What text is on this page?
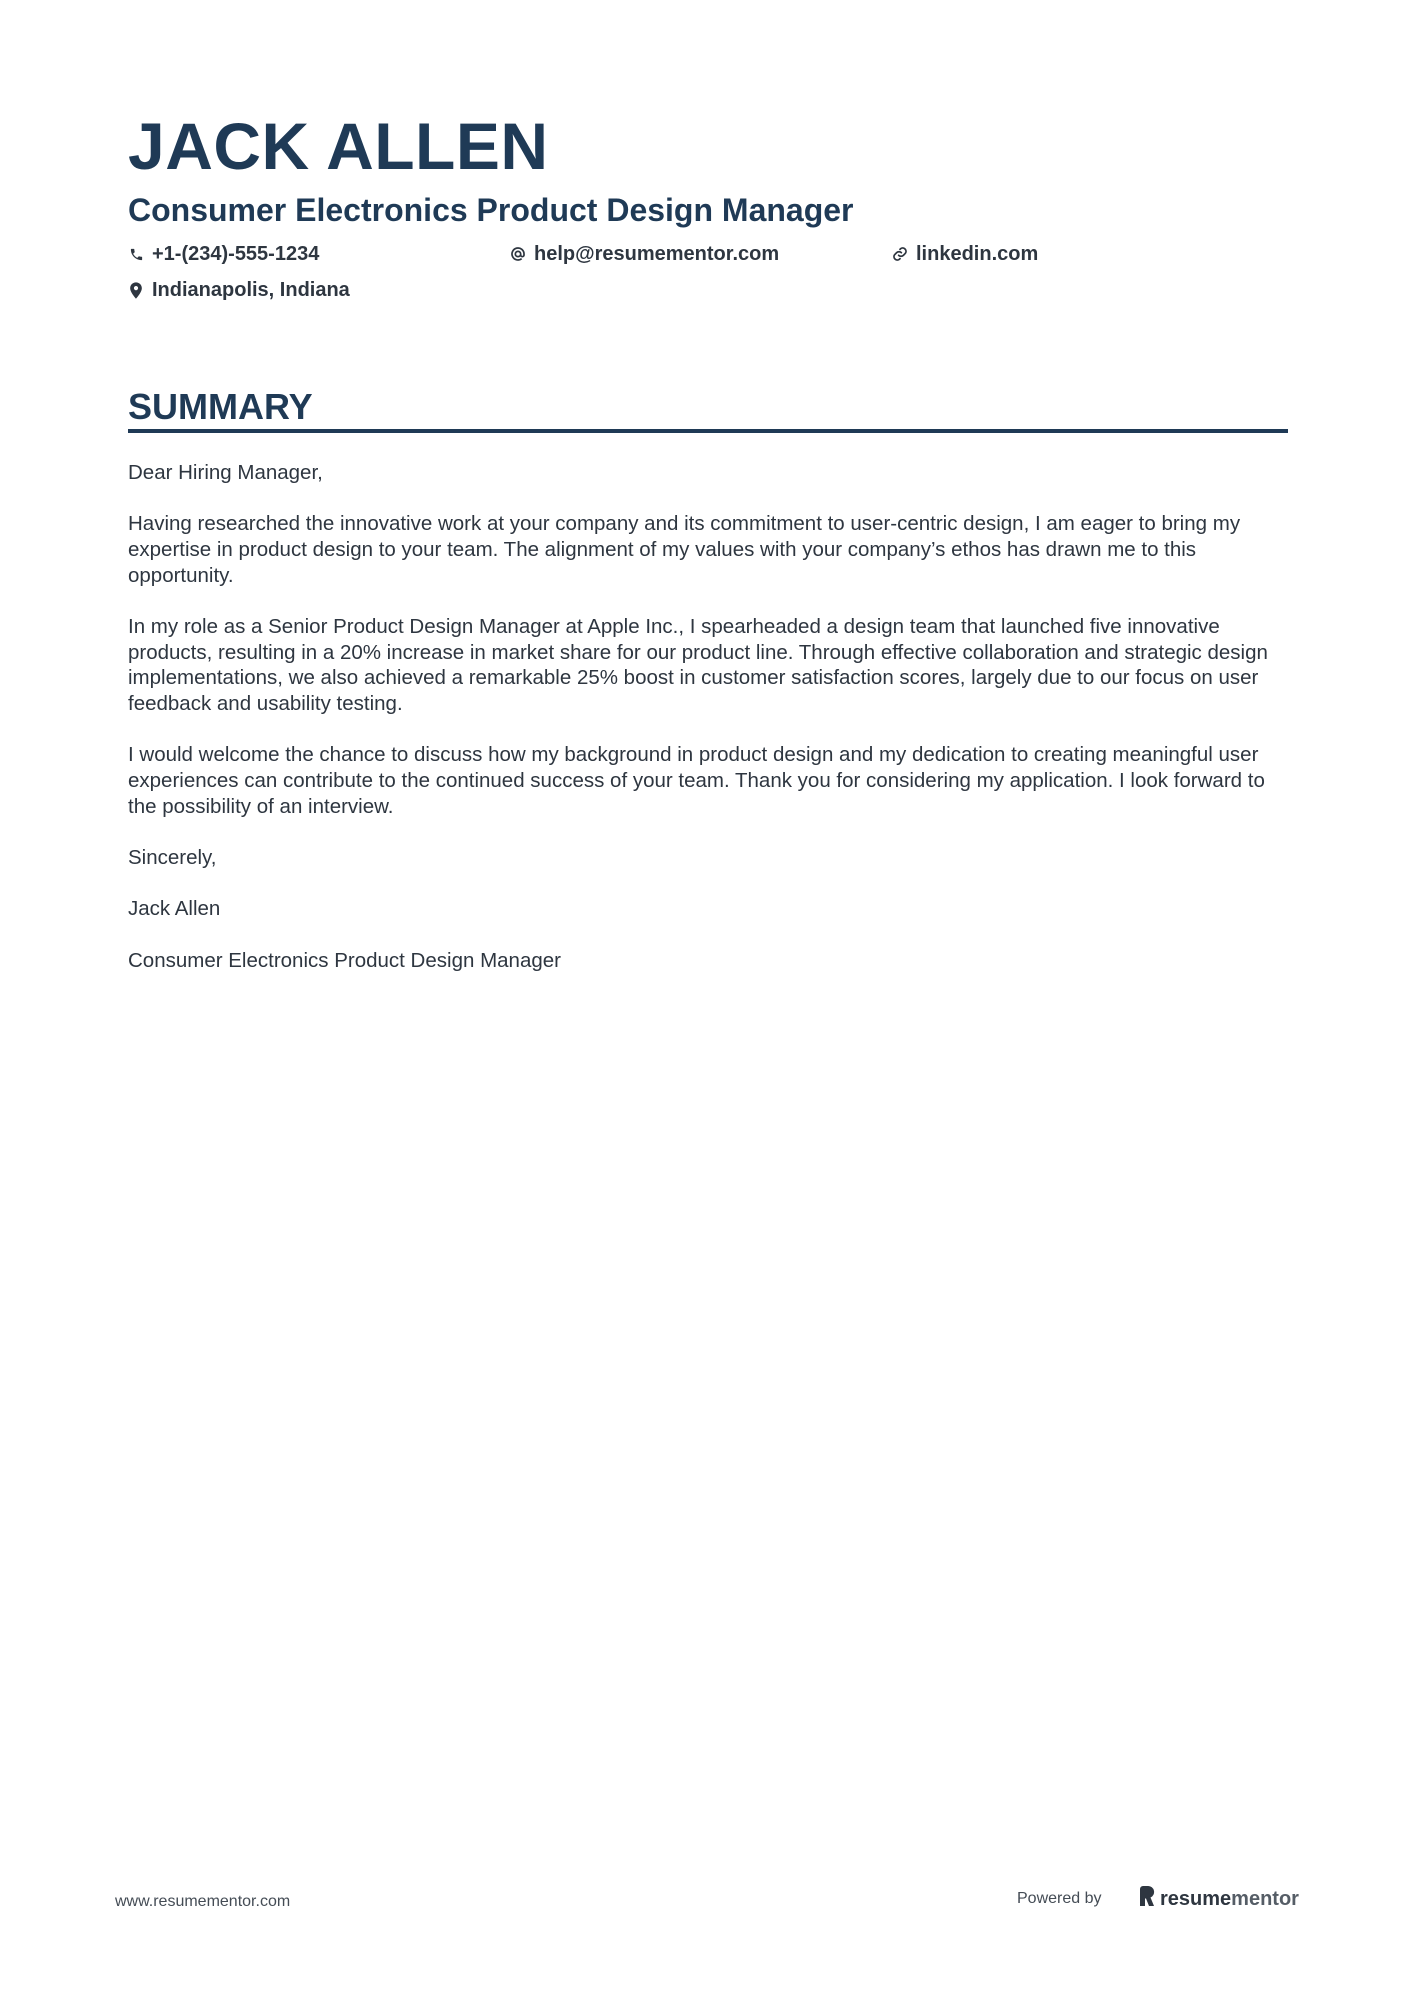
JACK ALLEN
Consumer Electronics Product Design Manager
+1-(234)-555-1234	help@resumementor.com	linkedin.com
Indianapolis, Indiana
SUMMARY

Dear Hiring Manager,

Having researched the innovative work at your company and its commitment to user-centric design, I am eager to bring my expertise in product design to your team. The alignment of my values with your company’s ethos has drawn me to this opportunity.

In my role as a Senior Product Design Manager at Apple Inc., I spearheaded a design team that launched five innovative products, resulting in a 20% increase in market share for our product line. Through effective collaboration and strategic design implementations, we also achieved a remarkable 25% boost in customer satisfaction scores, largely due to our focus on user feedback and usability testing.

I would welcome the chance to discuss how my background in product design and my dedication to creating meaningful user experiences can contribute to the continued success of your team. Thank you for considering my application. I look forward to the possibility of an interview.

Sincerely,

Jack Allen

Consumer Electronics Product Design Manager

www.resumementor.com	Powered by	resume mentor
